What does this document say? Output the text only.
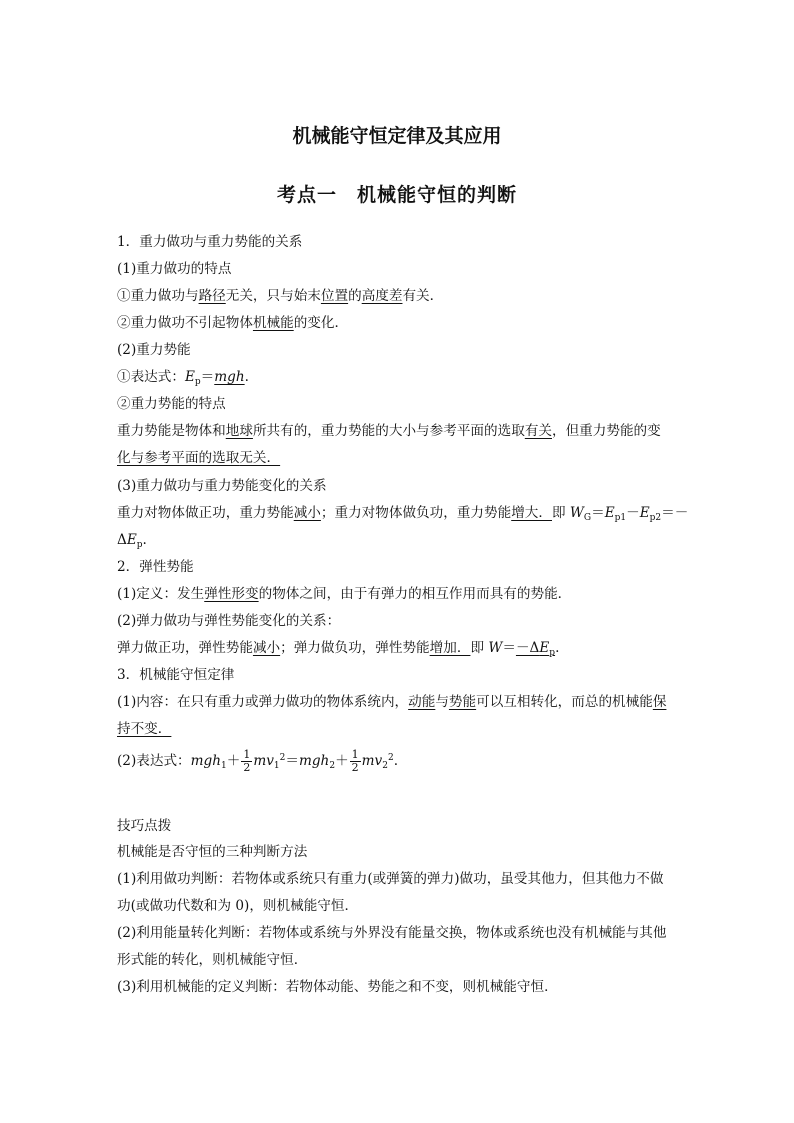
机械能守恒定律及其应用
考点一　机械能守恒的判断

1．重力做功与重力势能的关系

(1)重力做功的特点

①重力做功与路径无关，只与始末位置的高度差有关．

②重力做功不引起物体机械能的变化．

(2)重力势能

①表达式：$E_p=mgh$.

②重力势能的特点

重力势能是物体和地球所共有的，重力势能的大小与参考平面的选取有关，但重力势能的变

化与参考平面的选取无关．

(3)重力做功与重力势能变化的关系

重力对物体做正功，重力势能减小；重力对物体做负功，重力势能增大．即 $W_G=E_{p1}-E_{p2}=-$

$\Delta E_p$.

2．弹性势能

(1)定义：发生弹性形变的物体之间，由于有弹力的相互作用而具有的势能．

(2)弹力做功与弹性势能变化的关系：

弹力做正功，弹性势能减小；弹力做负功，弹性势能增加．即 $W=-\Delta E_p$.

3．机械能守恒定律

(1)内容：在只有重力或弹力做功的物体系统内，动能与势能可以互相转化，而总的机械能保

持不变．

(2)表达式：$mgh_1+ \frac{1}{2} mv_1^2=mgh_2+ \frac{1}{2} mv_2^2$.

技巧点拨

机械能是否守恒的三种判断方法

(1)利用做功判断：若物体或系统只有重力(或弹簧的弹力)做功，虽受其他力，但其他力不做

功(或做功代数和为 0)，则机械能守恒．

(2)利用能量转化判断：若物体或系统与外界没有能量交换，物体或系统也没有机械能与其他

形式能的转化，则机械能守恒．

(3)利用机械能的定义判断：若物体动能、势能之和不变，则机械能守恒．
